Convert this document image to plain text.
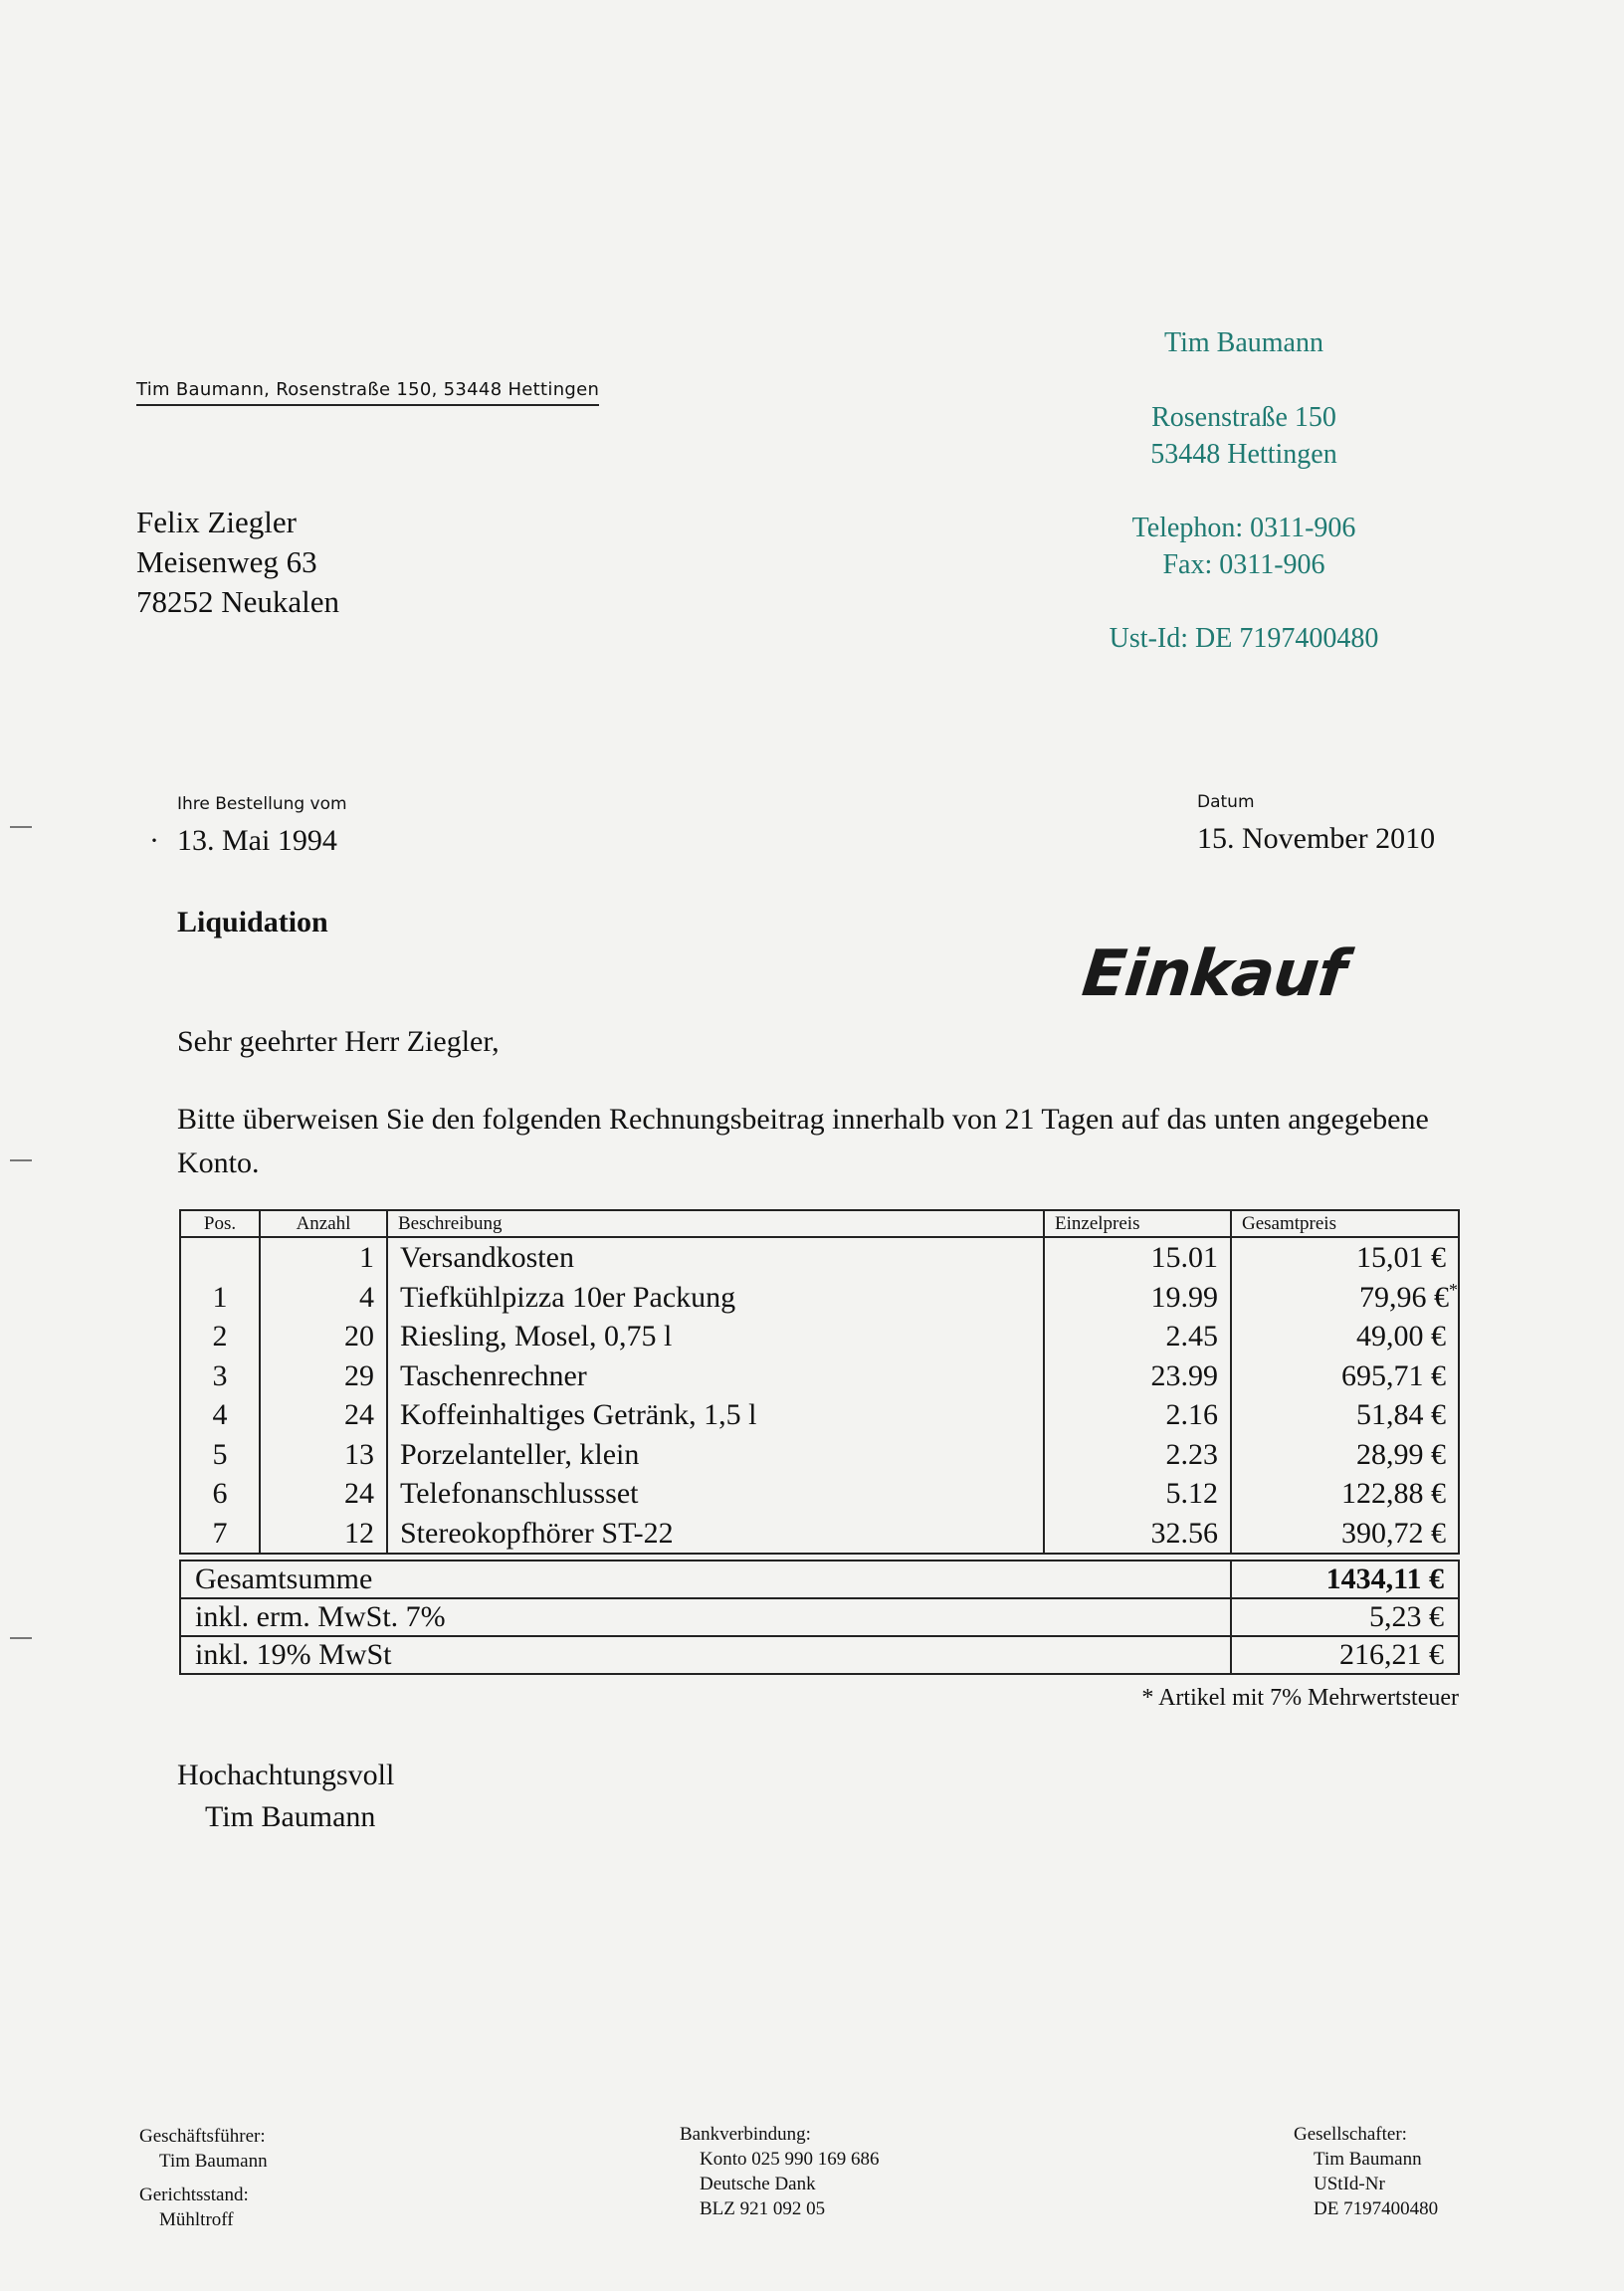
Tim Baumann, Rosenstraße 150, 53448 Hettingen
Felix Ziegler
Meisenweg 63
78252 Neukalen
Tim Baumann
Rosenstraße 150
53448 Hettingen
Telephon: 0311-906
Fax: 0311-906
Ust-Id: DE 7197400480
Ihre Bestellung vom
· 13. Mai 1994
Datum
15. November 2010
Liquidation
Einkauf
Sehr geehrter Herr Ziegler,
Bitte überweisen Sie den folgenden Rechnungsbeitrag innerhalb von 21 Tagen auf das unten angegebene Konto.
Pos.	Anzahl	Beschreibung	Einzelpreis	Gesamtpreis
	1	Versandkosten	15.01	15,01 €
1	4	Tiefkühlpizza 10er Packung	19.99	79,96 €*
2	20	Riesling, Mosel, 0,75 l	2.45	49,00 €
3	29	Taschenrechner	23.99	695,71 €
4	24	Koffeinhaltiges Getränk, 1,5 l	2.16	51,84 €
5	13	Porzelanteller, klein	2.23	28,99 €
6	24	Telefonanschlussset	5.12	122,88 €
7	12	Stereokopfhörer ST-22	32.56	390,72 €
Gesamtsumme	1434,11 €
inkl. erm. MwSt. 7%	5,23 €
inkl. 19% MwSt	216,21 €
* Artikel mit 7% Mehrwertsteuer
Hochachtungsvoll
Tim Baumann
Geschäftsführer:
Tim Baumann
Gerichtsstand:
Mühltroff
Bankverbindung:
Konto 025 990 169 686
Deutsche Dank
BLZ 921 092 05
Gesellschafter:
Tim Baumann
UStId-Nr
DE 7197400480
